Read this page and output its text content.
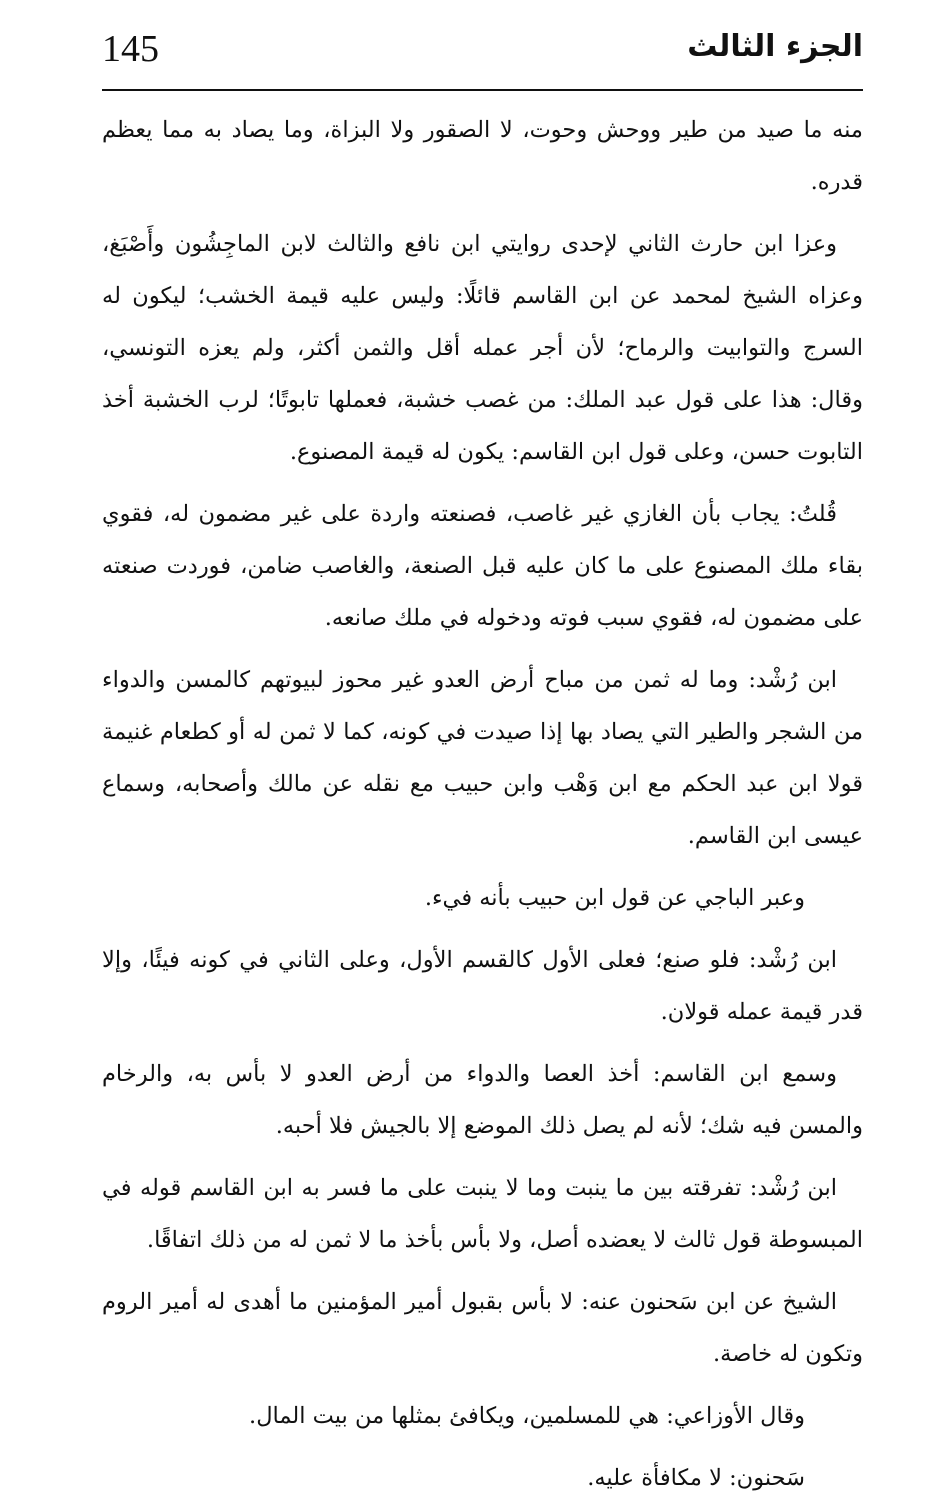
145	الجزء الثالث

منه ما صيد من طير ووحش وحوت، لا الصقور ولا البزاة، وما يصاد به مما يعظم قدره.

وعزا ابن حارث الثاني لإحدى روايتي ابن نافع والثالث لابن الماجِشُون وأَصْبَغ، وعزاه الشيخ لمحمد عن ابن القاسم قائلًا: وليس عليه قيمة الخشب؛ ليكون له السرج والتوابيت والرماح؛ لأن أجر عمله أقل والثمن أكثر، ولم يعزه التونسي، وقال: هذا على قول عبد الملك: من غصب خشبة، فعملها تابوتًا؛ لرب الخشبة أخذ التابوت حسن، وعلى قول ابن القاسم: يكون له قيمة المصنوع.

قُلتُ: يجاب بأن الغازي غير غاصب، فصنعته واردة على غير مضمون له، فقوي بقاء ملك المصنوع على ما كان عليه قبل الصنعة، والغاصب ضامن، فوردت صنعته على مضمون له، فقوي سبب فوته ودخوله في ملك صانعه.

ابن رُشْد: وما له ثمن من مباح أرض العدو غير محوز لبيوتهم كالمسن والدواء من الشجر والطير التي يصاد بها إذا صيدت في كونه، كما لا ثمن له أو كطعام غنيمة قولا ابن عبد الحكم مع ابن وَهْب وابن حبيب مع نقله عن مالك وأصحابه، وسماع عيسى ابن القاسم.

وعبر الباجي عن قول ابن حبيب بأنه فيء.

ابن رُشْد: فلو صنع؛ فعلى الأول كالقسم الأول، وعلى الثاني في كونه فيئًا، وإلا قدر قيمة عمله قولان.

وسمع ابن القاسم: أخذ العصا والدواء من أرض العدو لا بأس به، والرخام والمسن فيه شك؛ لأنه لم يصل ذلك الموضع إلا بالجيش فلا أحبه.

ابن رُشْد: تفرقته بين ما ينبت وما لا ينبت على ما فسر به ابن القاسم قوله في المبسوطة قول ثالث لا يعضده أصل، ولا بأس بأخذ ما لا ثمن له من ذلك اتفاقًا.

الشيخ عن ابن سَحنون عنه: لا بأس بقبول أمير المؤمنين ما أهدى له أمير الروم وتكون له خاصة.

وقال الأوزاعي: هي للمسلمين، ويكافئ بمثلها من بيت المال.

سَحنون: لا مكافأة عليه.
